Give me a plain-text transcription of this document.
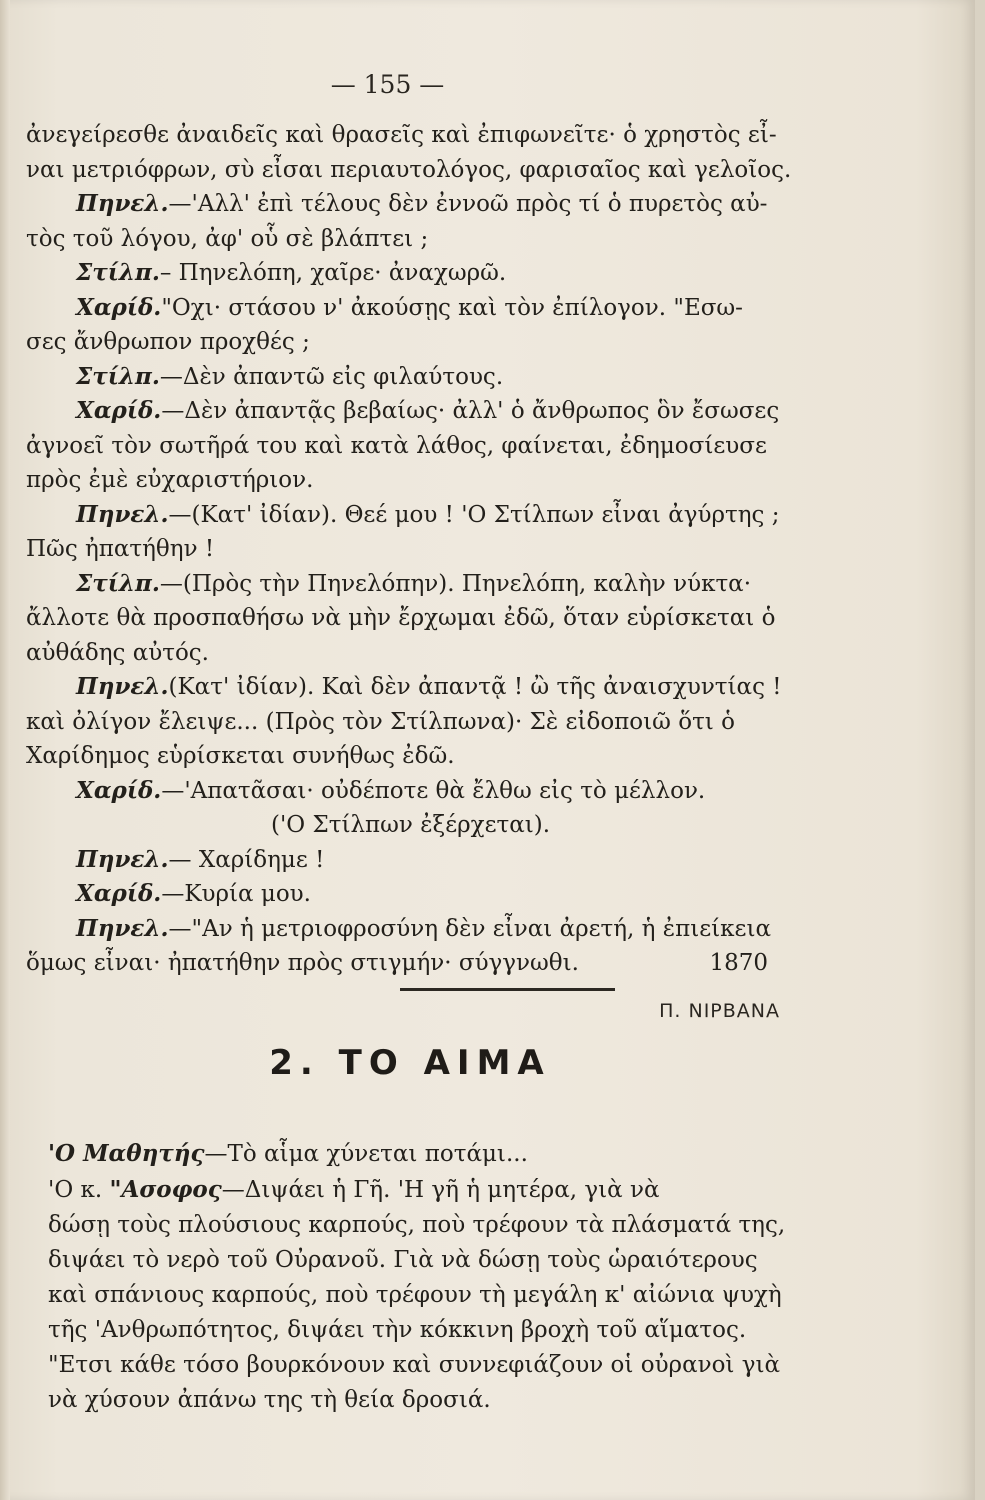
— 155 —
ἀνεγείρεσθε ἀναιδεῖς καὶ θρασεῖς καὶ ἐπιφωνεῖτε· ὁ χρηστὸς εἶ-
ναι μετριόφρων, σὺ εἶσαι περιαυτολόγος, φαρισαῖος καὶ γελοῖος.
Πηνελ.—'Αλλ' ἐπὶ τέλους δὲν ἐννοῶ πρὸς τί ὁ πυρετὸς αὐ-
τὸς τοῦ λόγου, ἀφ' οὗ σὲ βλάπτει ;
Στίλπ.– Πηνελόπη, χαῖρε· ἀναχωρῶ.
Χαρίδ."Οχι· στάσου ν' ἀκούσῃς καὶ τὸν ἐπίλογον. "Εσω-
σες ἄνθρωπον προχθές ;
Στίλπ.—Δὲν ἀπαντῶ εἰς φιλαύτους.
Χαρίδ.—Δὲν ἀπαντᾷς βεβαίως· ἀλλ' ὁ ἄνθρωπος ὃν ἔσωσες
ἀγνοεῖ τὸν σωτῆρά του καὶ κατὰ λάθος, φαίνεται, ἐδημοσίευσε
πρὸς ἐμὲ εὐχαριστήριον.
Πηνελ.—(Κατ' ἰδίαν). Θεέ μου ! 'Ο Στίλπων εἶναι ἀγύρτης ;
Πῶς ἠπατήθην !
Στίλπ.—(Πρὸς τὴν Πηνελόπην). Πηνελόπη, καλὴν νύκτα·
ἄλλοτε θὰ προσπαθήσω νὰ μὴν ἔρχωμαι ἐδῶ, ὅταν εὑρίσκεται ὁ
αὐθάδης αὐτός.
Πηνελ.(Κατ' ἰδίαν). Καὶ δὲν ἀπαντᾷ ! ὢ τῆς ἀναισχυντίας !
καὶ ὀλίγον ἔλειψε... (Πρὸς τὸν Στίλπωνα)· Σὲ εἰδοποιῶ ὅτι ὁ
Χαρίδημος εὑρίσκεται συνήθως ἐδῶ.
Χαρίδ.—'Απατᾶσαι· οὐδέποτε θὰ ἔλθω εἰς τὸ μέλλον.
('Ο Στίλπων ἐξέρχεται).
Πηνελ.— Χαρίδημε !
Χαρίδ.—Κυρία μου.
Πηνελ.—"Αν ἡ μετριοφροσύνη δὲν εἶναι ἀρετή, ἡ ἐπιείκεια
ὅμως εἶναι· ἠπατήθην πρὸς στιγμήν· σύγγνωθι.	1870
Π. ΝΙΡΒΑΝΑ
2. ΤΟ ΑΙΜΑ
'Ο Μαθητής—Τὸ αἷμα χύνεται ποτάμι...
'Ο κ. "Ασοφος—Διψάει ἡ Γῆ. 'Η γῆ ἡ μητέρα, γιὰ νὰ
δώσῃ τοὺς πλούσιους καρπούς, ποὺ τρέφουν τὰ πλάσματά της,
διψάει τὸ νερὸ τοῦ Οὐρανοῦ. Γιὰ νὰ δώσῃ τοὺς ὡραιότερους
καὶ σπάνιους καρπούς, ποὺ τρέφουν τὴ μεγάλη κ' αἰώνια ψυχὴ
τῆς 'Ανθρωπότητος, διψάει τὴν κόκκινη βροχὴ τοῦ αἵματος.
"Ετσι κάθε τόσο βουρκόνουν καὶ συννεφιάζουν οἱ οὐρανοὶ γιὰ
νὰ χύσουν ἀπάνω της τὴ θεία δροσιά.
